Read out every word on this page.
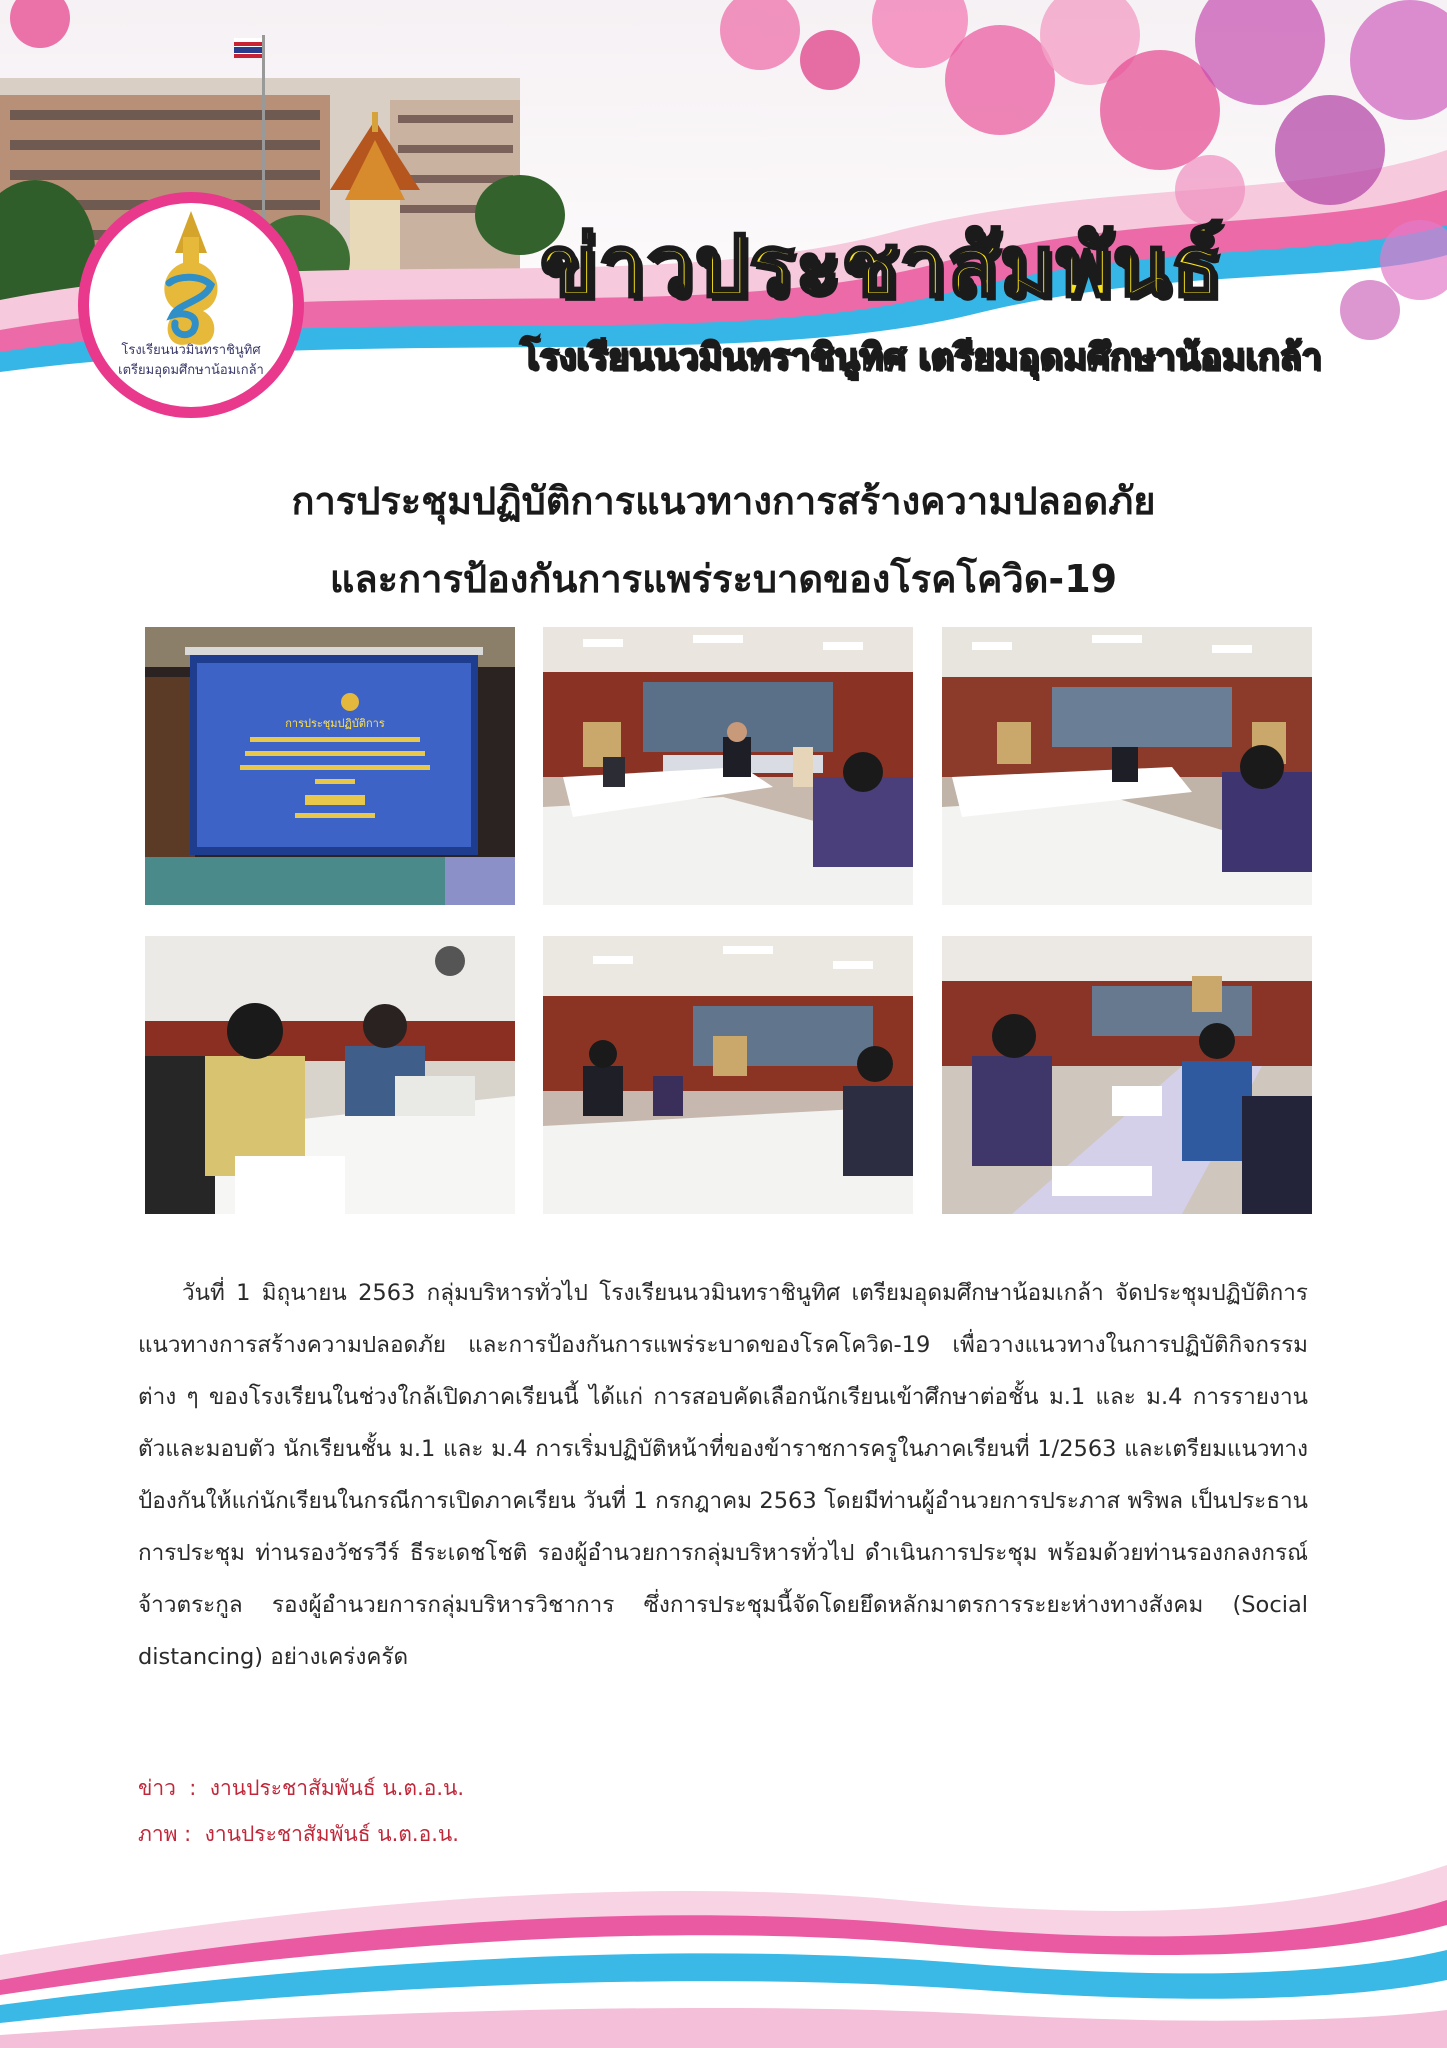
โรงเรียนนวมินทราชินูทิศ
เตรียมอุดมศึกษาน้อมเกล้า
ข่าวประชาสัมพันธ์
โรงเรียนนวมินทราชินูทิศ เตรียมอุดมศึกษาน้อมเกล้า
การประชุมปฏิบัติการแนวทางการสร้างความปลอดภัย
และการป้องกันการแพร่ระบาดของโรคโควิด-19
การประชุมปฏิบัติการ

วันที่ 1 มิถุนายน 2563 กลุ่มบริหารทั่วไป โรงเรียนนวมินทราชินูทิศ เตรียมอุดมศึกษาน้อมเกล้า จัดประชุมปฏิบัติการแนวทางการสร้างความปลอดภัย และการป้องกันการแพร่ระบาดของโรคโควิด-19 เพื่อวางแนวทางในการปฏิบัติกิจกรรมต่าง ๆ ของโรงเรียนในช่วงใกล้เปิดภาคเรียนนี้ ได้แก่ การสอบคัดเลือกนักเรียนเข้าศึกษาต่อชั้น ม.1 และ ม.4 การรายงานตัวและมอบตัว นักเรียนชั้น ม.1 และ ม.4 การเริ่มปฏิบัติหน้าที่ของข้าราชการครูในภาคเรียนที่ 1/2563 และเตรียมแนวทางป้องกันให้แก่นักเรียนในกรณีการเปิดภาคเรียน วันที่ 1 กรกฎาคม 2563 โดยมีท่านผู้อำนวยการประภาส พริพล เป็นประธานการประชุม ท่านรองวัชรวีร์ ธีระเดชโชติ รองผู้อำนวยการกลุ่มบริหารทั่วไป ดำเนินการประชุม พร้อมด้วยท่านรองกลงกรณ์ จ้าวตระกูล รองผู้อำนวยการกลุ่มบริหารวิชาการ ซึ่งการประชุมนี้จัดโดยยึดหลักมาตรการระยะห่างทางสังคม (Social distancing) อย่างเคร่งครัด

ข่าว  :  งานประชาสัมพันธ์ น.ต.อ.น.
ภาพ :  งานประชาสัมพันธ์ น.ต.อ.น.
